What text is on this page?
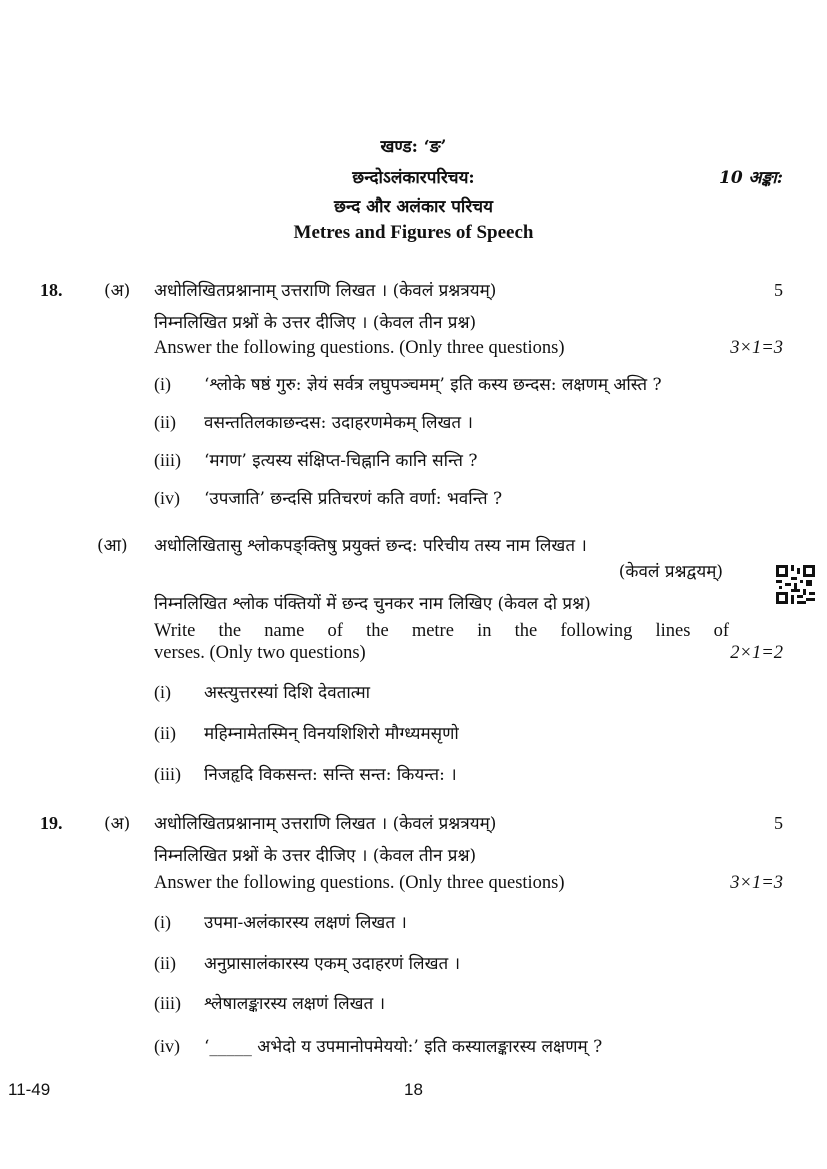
खण्ड: ‘ङ’
छन्दोऽलंकारपरिचय:	10 अङ्का:
छन्द और अलंकार परिचय
Metres and Figures of Speech
18. (अ) अधोलिखितप्रश्नानाम् उत्तराणि लिखत । (केवलं प्रश्नत्रयम्)	5
निम्नलिखित प्रश्नों के उत्तर दीजिए । (केवल तीन प्रश्न)
Answer the following questions. (Only three questions)	3×1=3
(i) ‘श्लोके षष्ठं गुरु: ज्ञेयं सर्वत्र लघुपञ्चमम्’ इति कस्य छन्दस: लक्षणम् अस्ति ?
(ii) वसन्ततिलकाछन्दस: उदाहरणमेकम् लिखत ।
(iii) ‘मगण’ इत्यस्य संक्षिप्त-चिह्नानि कानि सन्ति ?
(iv) ‘उपजाति’ छन्दसि प्रतिचरणं कति वर्णा: भवन्ति ?
(आ) अधोलिखितासु श्लोकपङ्क्तिषु प्रयुक्तं छन्द: परिचीय तस्य नाम लिखत ।
(केवलं प्रश्नद्वयम्)
निम्नलिखित श्लोक पंक्तियों में छन्द चुनकर नाम लिखिए (केवल दो प्रश्न)
Write the name of the metre in the following lines of
verses. (Only two questions)	2×1=2
(i) अस्त्युत्तरस्यां दिशि देवतात्मा
(ii) महिम्नामेतस्मिन् विनयशिशिरो मौग्ध्यमसृणो
(iii) निजहृदि विकसन्त: सन्ति सन्त: कियन्त: ।
19. (अ) अधोलिखितप्रश्नानाम् उत्तराणि लिखत । (केवलं प्रश्नत्रयम्)	5
निम्नलिखित प्रश्नों के उत्तर दीजिए । (केवल तीन प्रश्न)
Answer the following questions. (Only three questions)	3×1=3
(i) उपमा-अलंकारस्य लक्षणं लिखत ।
(ii) अनुप्रासालंकारस्य एकम् उदाहरणं लिखत ।
(iii) श्लेषालङ्कारस्य लक्षणं लिखत ।
(iv) ‘_____ अभेदो य उपमानोपमेययो:’ इति कस्यालङ्कारस्य लक्षणम् ?
11-49	18
